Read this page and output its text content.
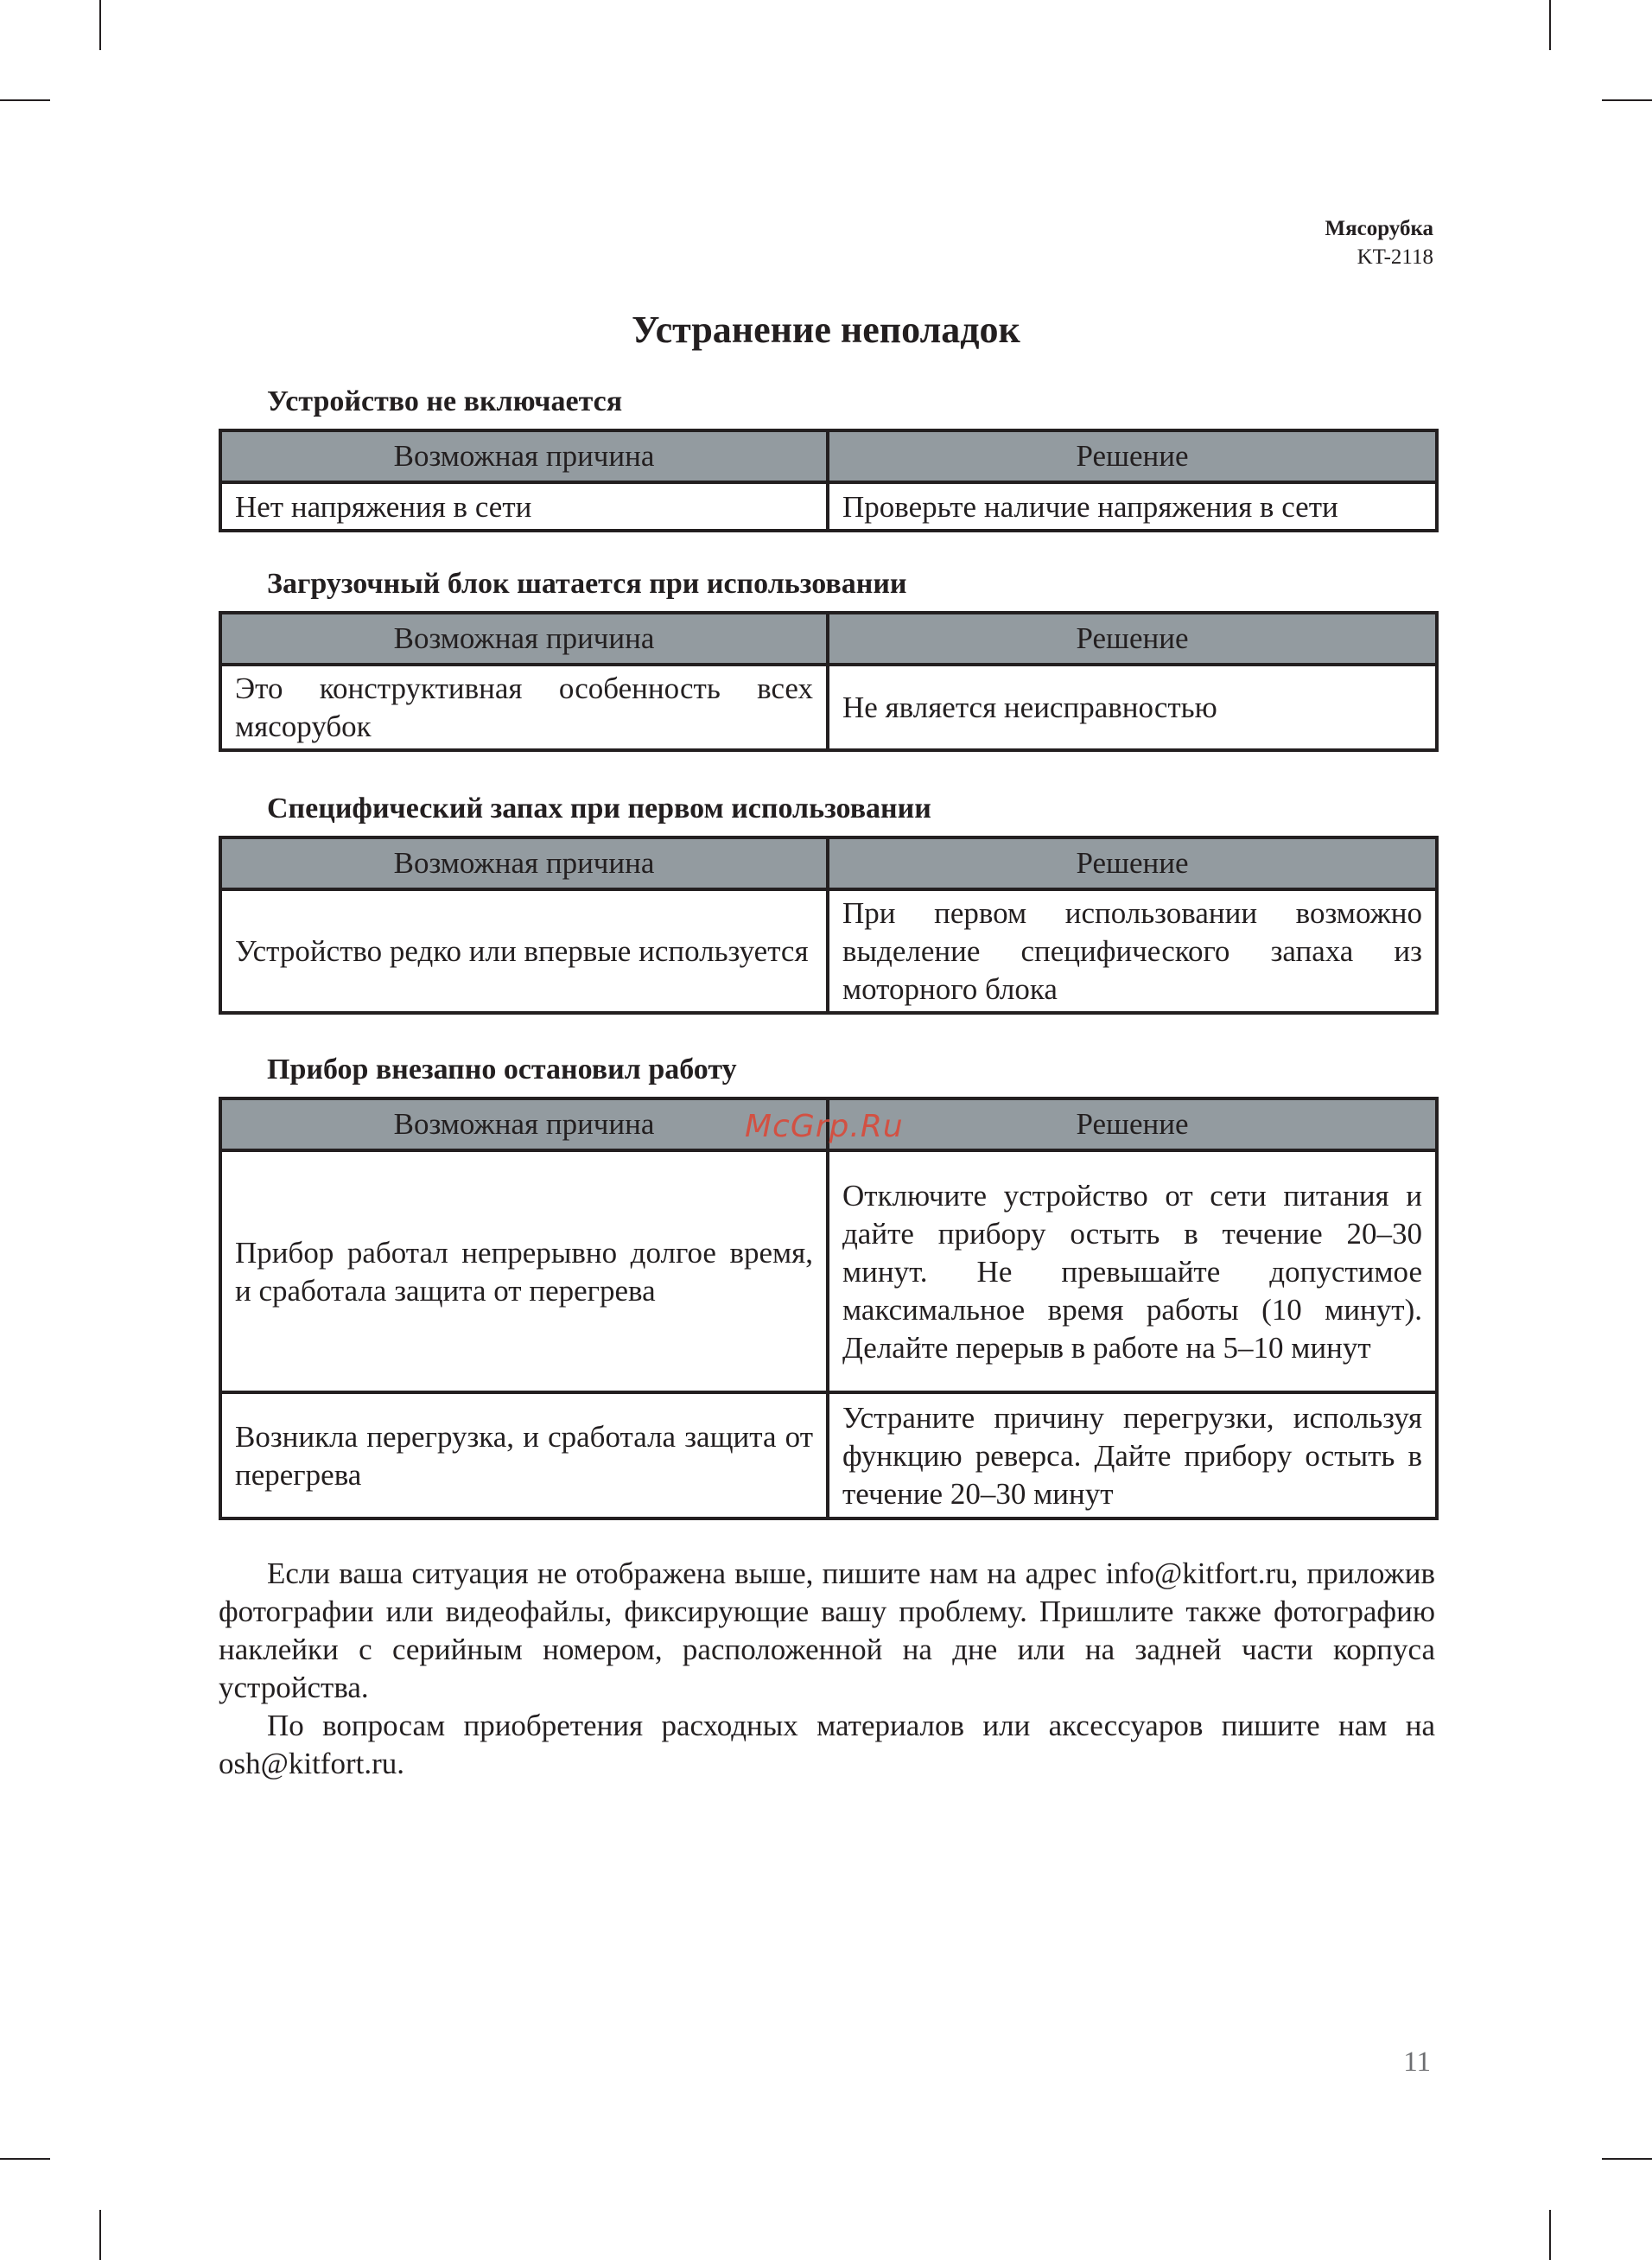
Мясорубка
KT-2118
Устранение неполадок
Устройство не включается
Возможная причина	Решение
Нет напряжения в сети	Проверьте наличие напряжения в сети
Загрузочный блок шатается при использовании
Возможная причина	Решение
Это конструктивная особенность всех мясорубок	Не является неисправностью
Специфический запах при первом использовании
Возможная причина	Решение
Устройство редко или впервые используется	При первом использовании возможно выделение специфического запаха из моторного блока
Прибор внезапно остановил работу
Возможная причина	Решение
Прибор работал непрерывно долгое время, и сработала защита от перегрева	Отключите устройство от сети питания и дайте прибору остыть в течение 20–30 минут. Не превышайте допустимое максимальное время работы (10 минут). Делайте перерыв в работе на 5–10 минут
Возникла перегрузка, и сработала защита от перегрева	Устраните причину перегрузки, используя функцию реверса. Дайте прибору остыть в течение 20–30 минут

Если ваша ситуация не отображена выше, пишите нам на адрес info@kitfort.ru, приложив фотографии или видеофайлы, фиксирующие вашу проблему. Пришлите также фотографию наклейки с серийным номером, расположенной на дне или на задней части корпуса устройства.

По вопросам приобретения расходных материалов или аксессуаров пишите нам на osh@kitfort.ru.

McGrp.Ru
11
